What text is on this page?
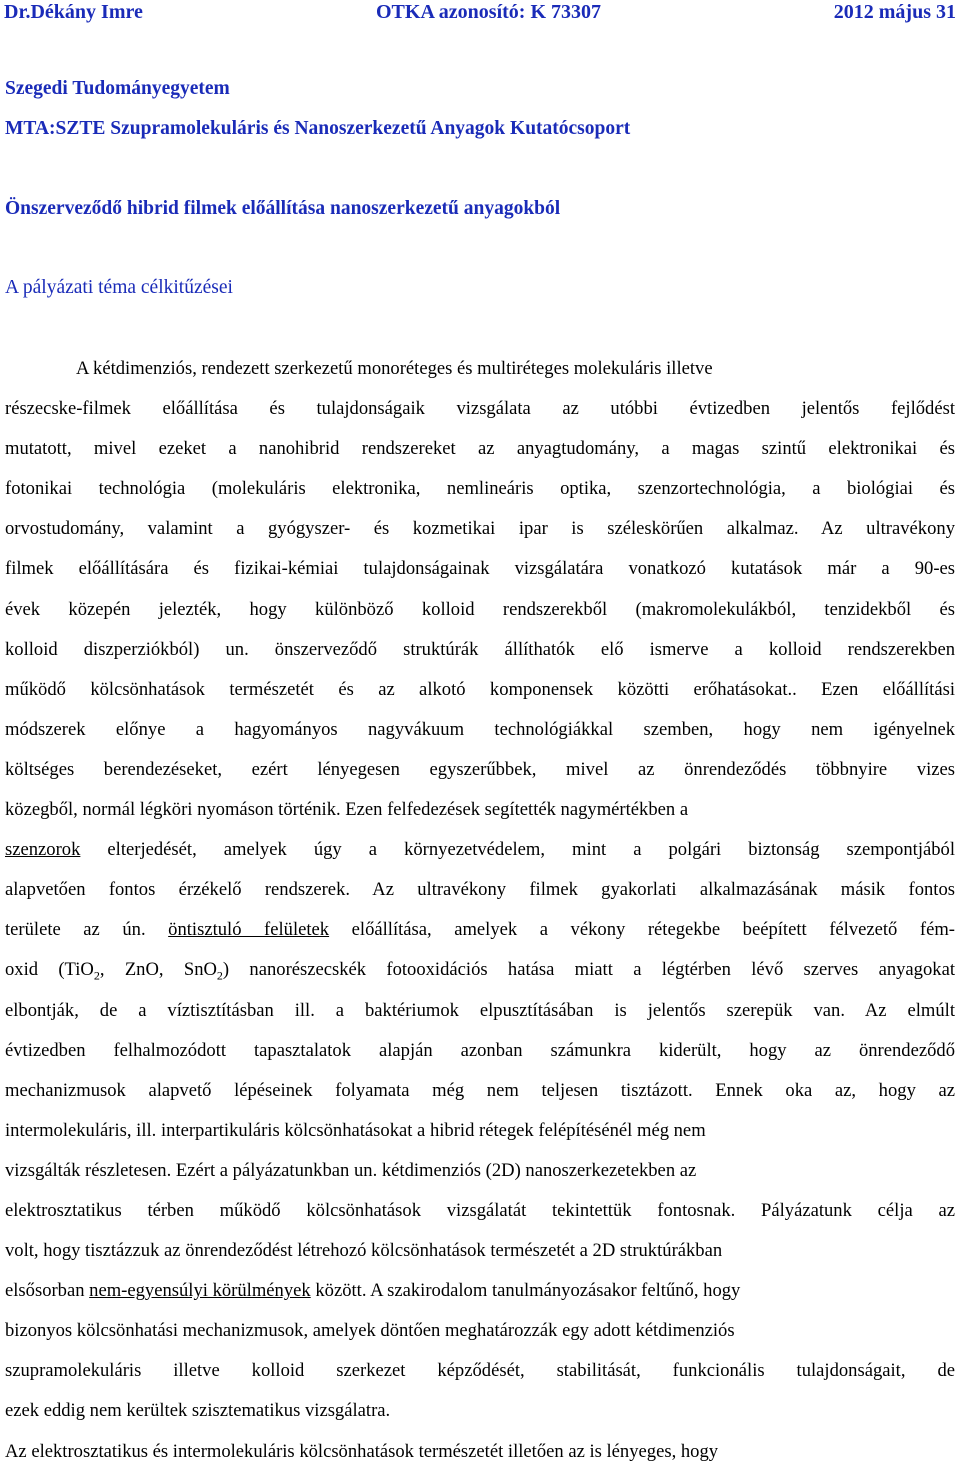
Dr.Dékány Imre	OTKA azonosító: K 73307	2012 május 31
Szegedi Tudományegyetem
MTA:SZTE Szupramolekuláris és Nanoszerkezetű Anyagok Kutatócsoport
Önszerveződő hibrid filmek előállítása nanoszerkezetű anyagokból
A pályázati téma célkitűzései
A kétdimenziós, rendezett szerkezetű monoréteges és multiréteges molekuláris illetve
részecske-filmek előállítása és tulajdonságaik vizsgálata az utóbbi évtizedben jelentős fejlődést
mutatott, mivel ezeket a nanohibrid rendszereket az anyagtudomány, a magas szintű elektronikai és
fotonikai technológia (molekuláris elektronika, nemlineáris optika, szenzortechnológia, a biológiai és
orvostudomány, valamint a gyógyszer- és kozmetikai ipar is széleskörűen alkalmaz. Az ultravékony
filmek előállítására és fizikai-kémiai tulajdonságainak vizsgálatára vonatkozó kutatások már a 90-es
évek közepén jelezték, hogy különböző kolloid rendszerekből (makromolekulákból, tenzidekből és
kolloid diszperziókból) un. önszerveződő struktúrák állíthatók elő ismerve a kolloid rendszerekben
működő kölcsönhatások természetét és az alkotó komponensek közötti erőhatásokat.. Ezen előállítási
módszerek előnye a hagyományos nagyvákuum technológiákkal szemben, hogy nem igényelnek
költséges berendezéseket, ezért lényegesen egyszerűbbek, mivel az önrendeződés többnyire vizes
közegből, normál légköri nyomáson történik. Ezen felfedezések segítették nagymértékben a
szenzorok elterjedését, amelyek úgy a környezetvédelem, mint a polgári biztonság szempontjából
alapvetően fontos érzékelő rendszerek. Az ultravékony filmek gyakorlati alkalmazásának másik fontos
területe az ún. öntisztuló felületek előállítása, amelyek a vékony rétegekbe beépített félvezető fém-
oxid (TiO$_2$, ZnO, SnO$_2$) nanorészecskék fotooxidációs hatása miatt a légtérben lévő szerves anyagokat
elbontják, de a víztisztításban ill. a baktériumok elpusztításában is jelentős szerepük van. Az elmúlt
évtizedben felhalmozódott tapasztalatok alapján azonban számunkra kiderült, hogy az önrendeződő
mechanizmusok alapvető lépéseinek folyamata még nem teljesen tisztázott. Ennek oka az, hogy az
intermolekuláris, ill. interpartikuláris kölcsönhatásokat a hibrid rétegek felépítésénél még nem
vizsgálták részletesen. Ezért a pályázatunkban un. kétdimenziós (2D) nanoszerkezetekben az
elektrosztatikus térben működő kölcsönhatások vizsgálatát tekintettük fontosnak. Pályázatunk célja az
volt, hogy tisztázzuk az önrendeződést létrehozó kölcsönhatások természetét a 2D struktúrákban
elsősorban nem-egyensúlyi körülmények között. A szakirodalom tanulmányozásakor feltűnő, hogy
bizonyos kölcsönhatási mechanizmusok, amelyek döntően meghatározzák egy adott kétdimenziós
szupramolekuláris illetve kolloid szerkezet képződését, stabilitását, funkcionális tulajdonságait, de
ezek eddig nem kerültek szisztematikus vizsgálatra.
Az elektrosztatikus és intermolekuláris kölcsönhatások természetét illetően az is lényeges, hogy
